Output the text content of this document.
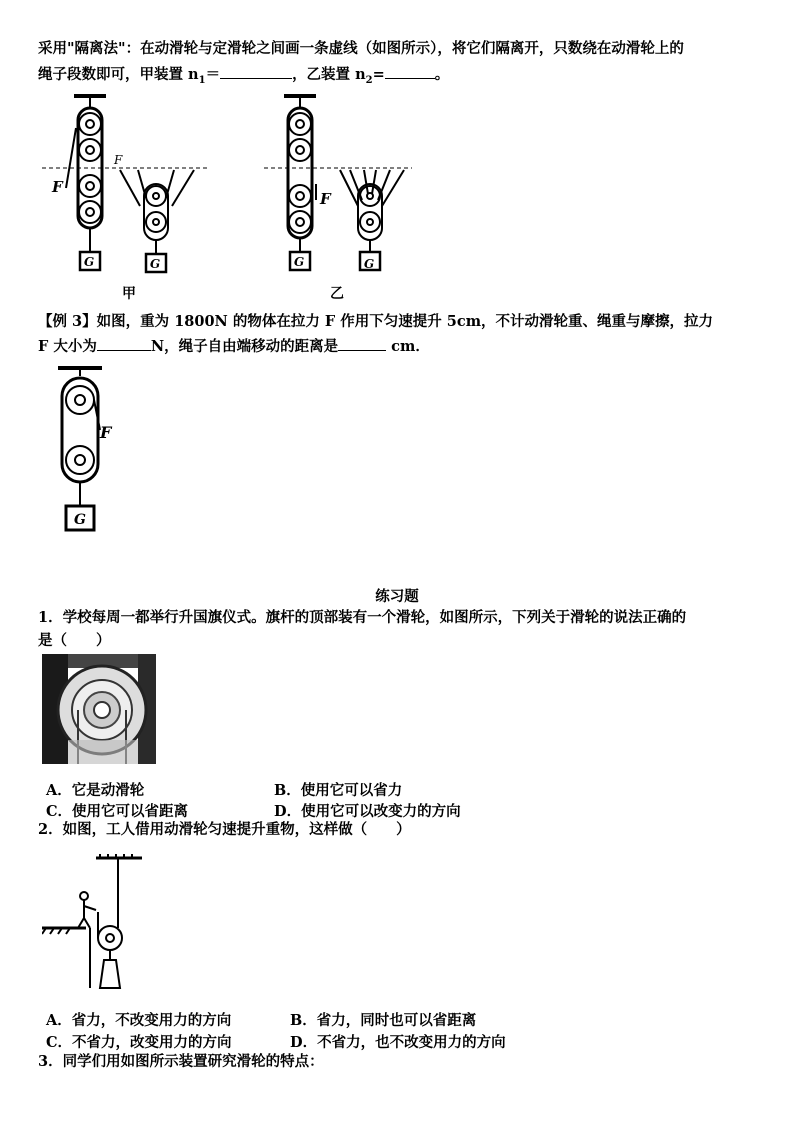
采用"隔离法"：在动滑轮与定滑轮之间画一条虚线（如图所示），将它们隔离开，只数绕在动滑轮上的
绳子段数即可，甲装置 $n_1=$	，乙装置 $n_2=$	。
F
F
G	G
甲
F
G	G
乙
【例 3】如图，重为 1800N 的物体在拉力 F 作用下匀速提升 5cm，不计动滑轮重、绳重与摩擦，拉力
F 大小为	N，绳子自由端移动的距离是	cm．
F
G
练习题
1．学校每周一都举行升国旗仪式。旗杆的顶部装有一个滑轮，如图所示，下列关于滑轮的说法正确的
是（　　）
A．它是动滑轮	B．使用它可以省力
C．使用它可以省距离	D．使用它可以改变力的方向
2．如图，工人借用动滑轮匀速提升重物，这样做（　　）
A．省力，不改变用力的方向	B．省力，同时也可以省距离
C．不省力，改变用力的方向	D．不省力，也不改变用力的方向
3．同学们用如图所示装置研究滑轮的特点：
